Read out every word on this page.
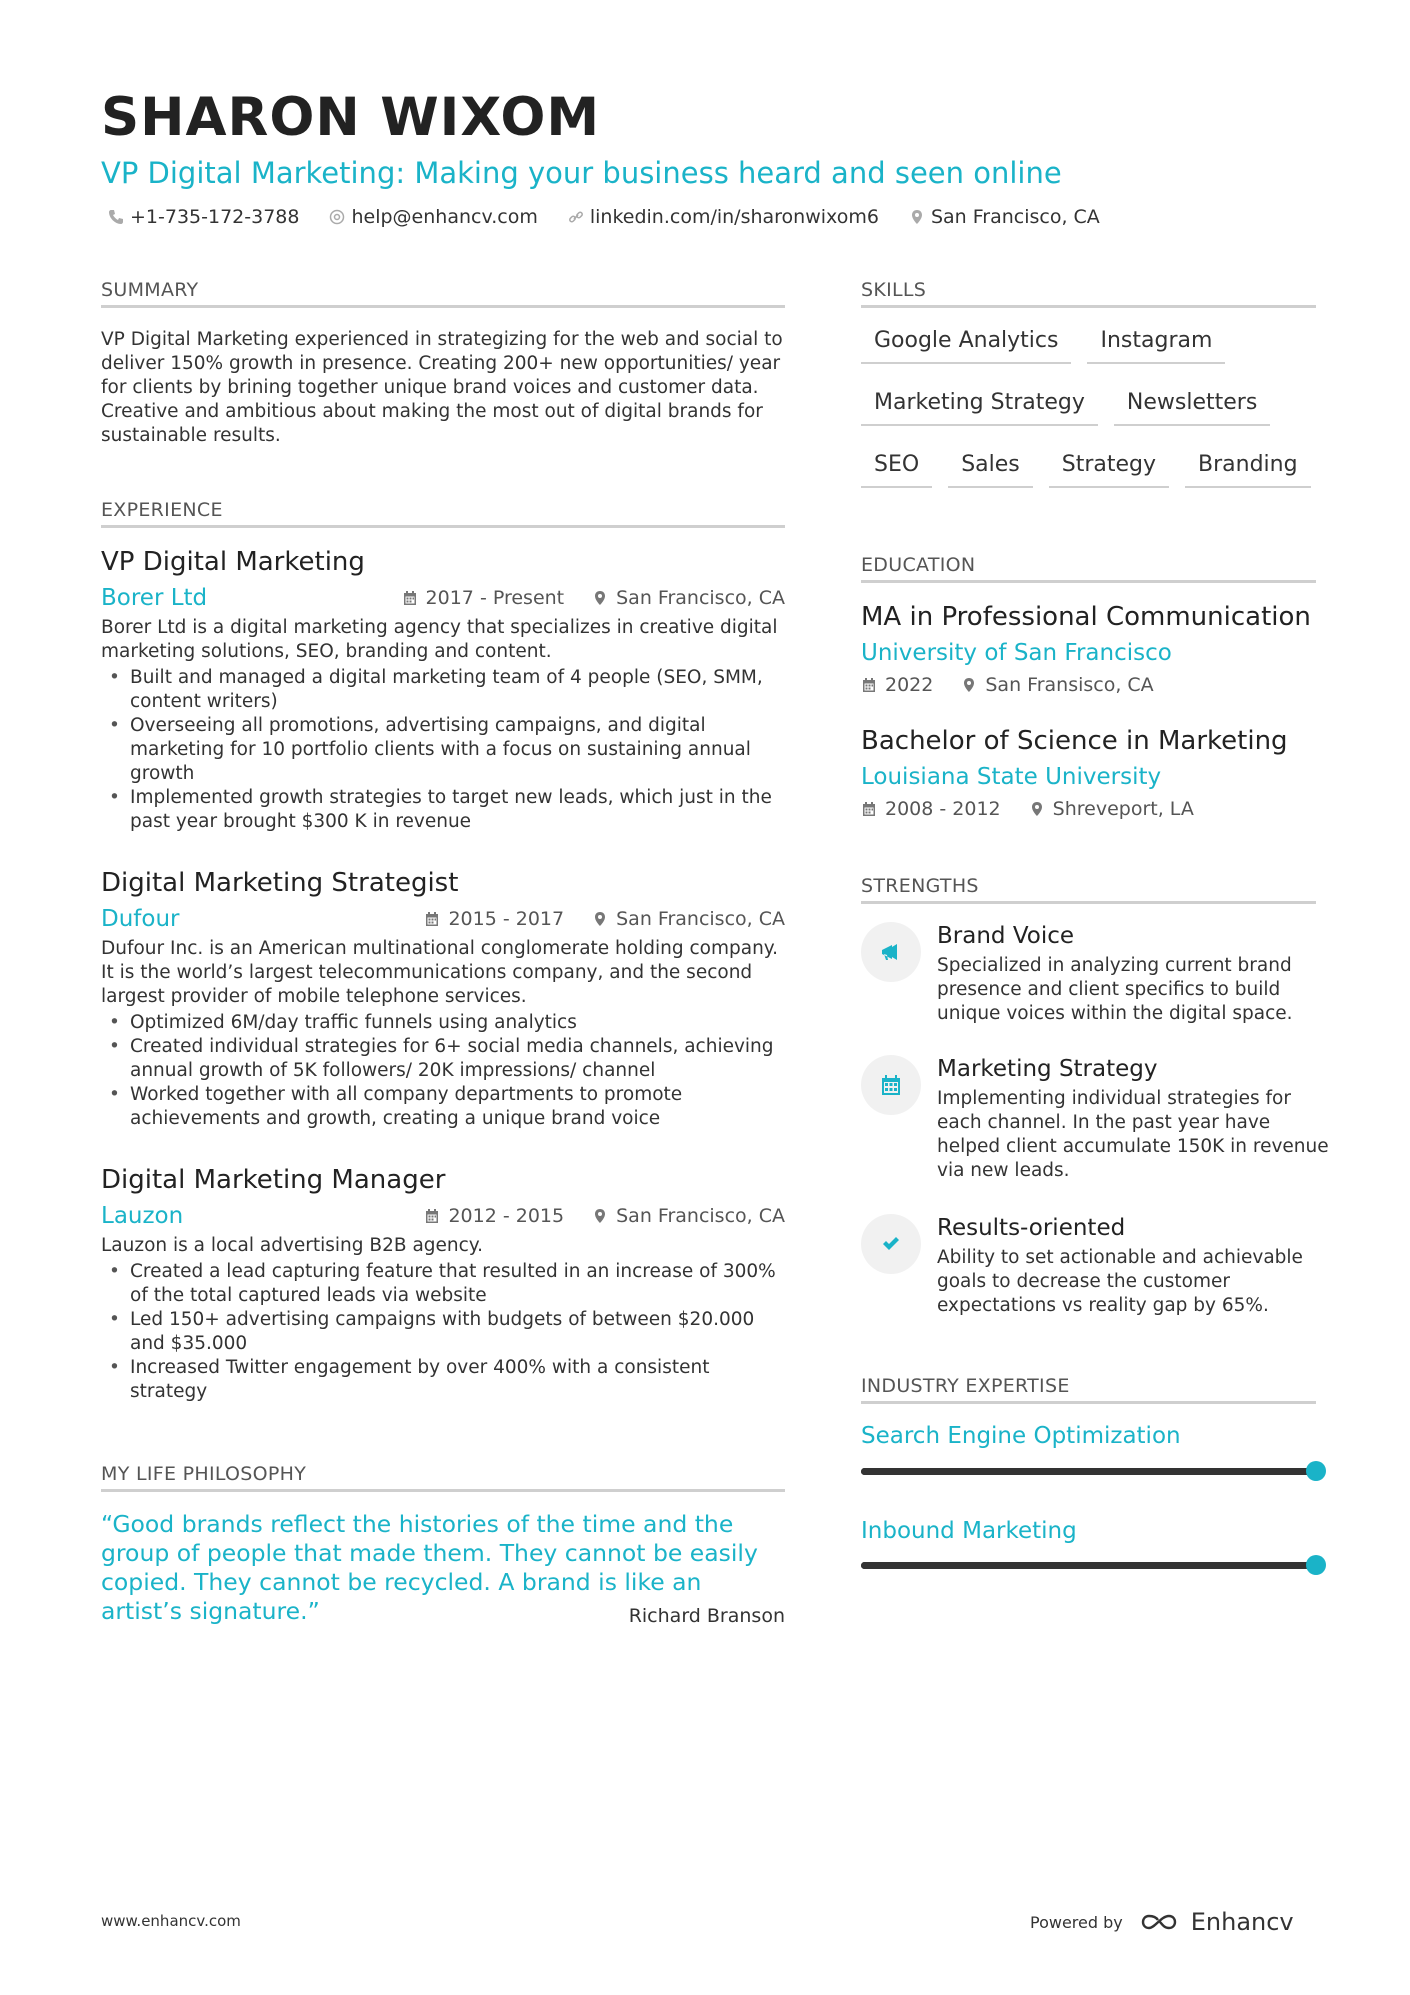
SHARON WIXOM
VP Digital Marketing: Making your business heard and seen online
+1-735-172-3788	help@enhancv.com	linkedin.com/in/sharonwixom6	San Francisco, CA
SUMMARY
VP Digital Marketing experienced in strategizing for the web and social to deliver 150% growth in presence. Creating 200+ new opportunities/ year for clients by brining together unique brand voices and customer data. Creative and ambitious about making the most out of digital brands for sustainable results.
EXPERIENCE
VP Digital Marketing
Borer Ltd	2017 - Present	San Francisco, CA
Borer Ltd is a digital marketing agency that specializes in creative digital marketing solutions, SEO, branding and content.
• Built and managed a digital marketing team of 4 people (SEO, SMM, content writers)
• Overseeing all promotions, advertising campaigns, and digital marketing for 10 portfolio clients with a focus on sustaining annual growth
• Implemented growth strategies to target new leads, which just in the past year brought $300 K in revenue
Digital Marketing Strategist
Dufour	2015 - 2017	San Francisco, CA
Dufour Inc. is an American multinational conglomerate holding company. It is the world’s largest telecommunications company, and the second largest provider of mobile telephone services.
• Optimized 6M/day traffic funnels using analytics
• Created individual strategies for 6+ social media channels, achieving annual growth of 5K followers/ 20K impressions/ channel
• Worked together with all company departments to promote achievements and growth, creating a unique brand voice
Digital Marketing Manager
Lauzon	2012 - 2015	San Francisco, CA
Lauzon is a local advertising B2B agency.
• Created a lead capturing feature that resulted in an increase of 300% of the total captured leads via website
• Led 150+ advertising campaigns with budgets of between $20.000 and $35.000
• Increased Twitter engagement by over 400% with a consistent strategy
MY LIFE PHILOSOPHY
“Good brands reflect the histories of the time and the group of people that made them. They cannot be easily copied. They cannot be recycled. A brand is like an artist’s signature.”	Richard Branson
SKILLS
Google Analytics	Instagram
Marketing Strategy	Newsletters
SEO	Sales	Strategy	Branding
EDUCATION
MA in Professional Communication
University of San Francisco
2022	San Fransisco, CA
Bachelor of Science in Marketing
Louisiana State University
2008 - 2012	Shreveport, LA
STRENGTHS
Brand Voice
Specialized in analyzing current brand presence and client specifics to build unique voices within the digital space.
Marketing Strategy
Implementing individual strategies for each channel. In the past year have helped client accumulate 150K in revenue via new leads.
Results-oriented
Ability to set actionable and achievable goals to decrease the customer expectations vs reality gap by 65%.
INDUSTRY EXPERTISE
Search Engine Optimization
Inbound Marketing
www.enhancv.com	Powered by	Enhancv
